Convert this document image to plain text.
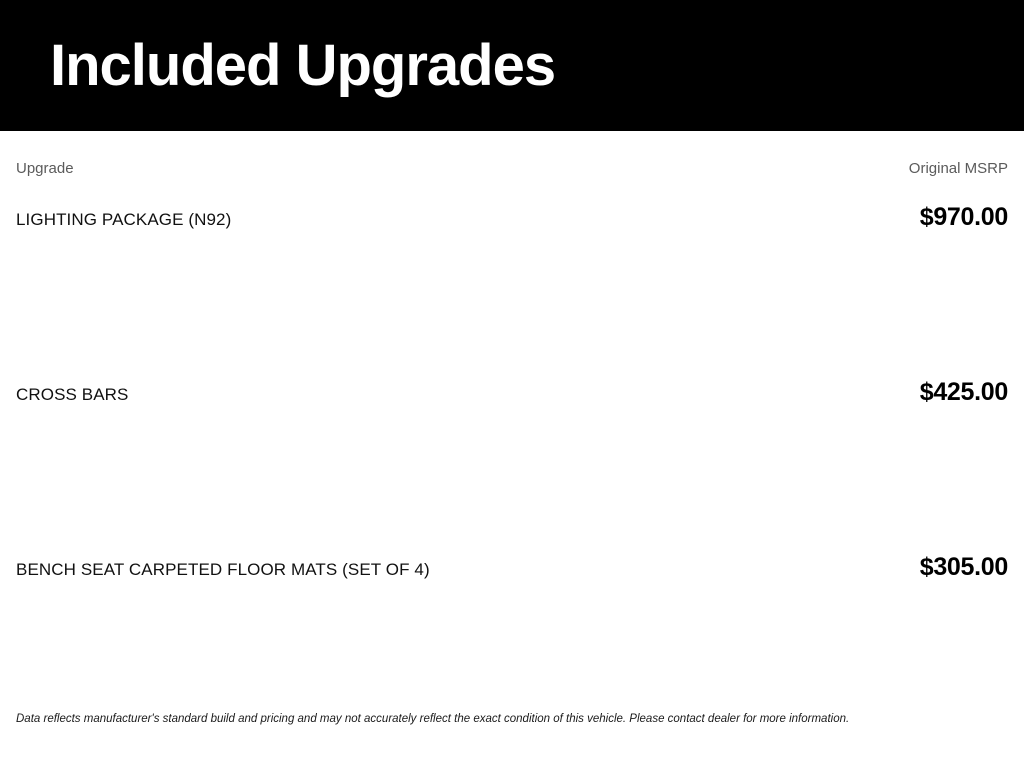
Included Upgrades
Upgrade	Original MSRP
LIGHTING PACKAGE (N92)	$970.00
CROSS BARS	$425.00
BENCH SEAT CARPETED FLOOR MATS (SET OF 4)	$305.00
Data reflects manufacturer's standard build and pricing and may not accurately reflect the exact condition of this vehicle. Please contact dealer for more information.
